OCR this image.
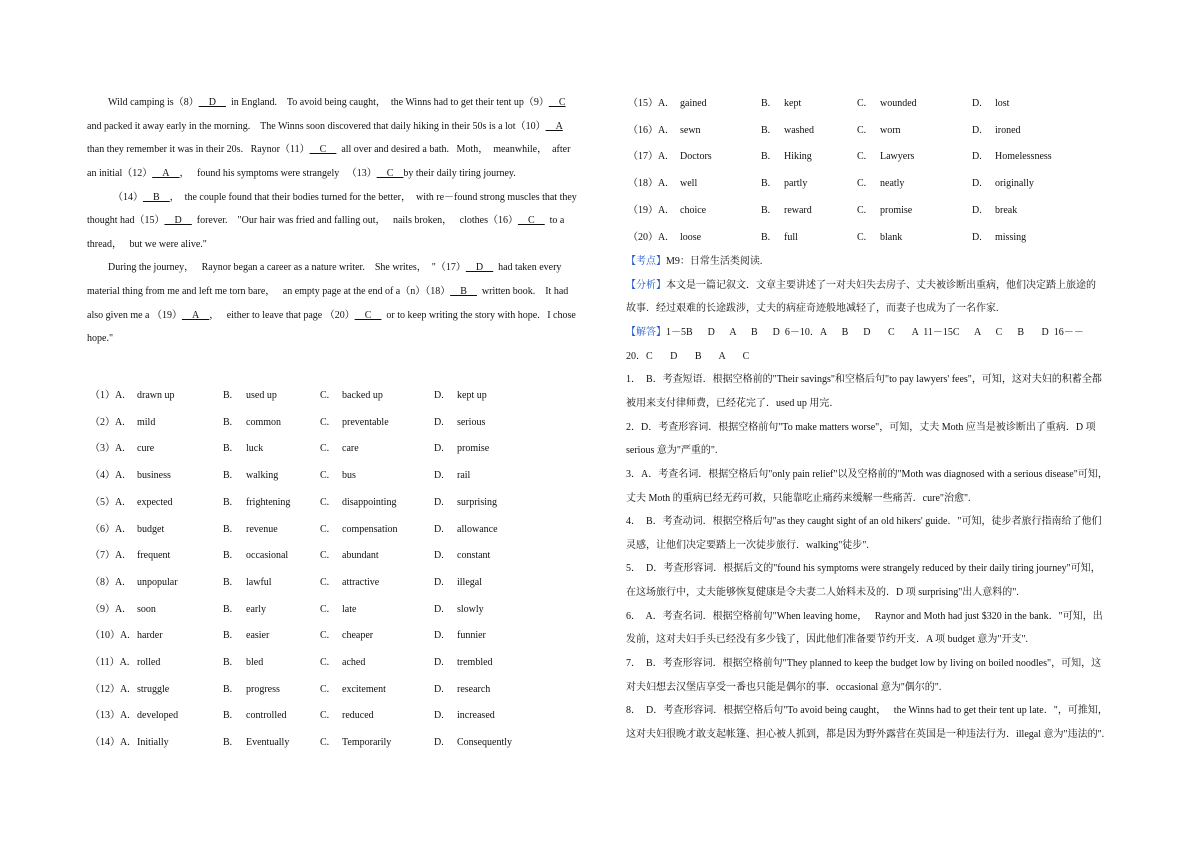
Wild camping is（8）__D__  in England.    To avoid being caught，  the Winns had to get their tent up（9）__C
and packed it away early in the morning.    The Winns soon discovered that daily hiking in their 50s is a lot（10）__A
than they remember it was in their 20s.   Raynor（11）__C__  all over and desired a bath.   Moth，  meanwhile，  after
an initial（12）__A__，   found his symptoms were strangely   （13）__C__by their daily tiring journey.
（14）__B__，  the couple found that their bodies turned for the better，  with re－found strong muscles that they
thought had（15）__D__  forever.    "Our hair was fried and falling out，   nails broken，   clothes（16）__C__  to a
thread，   but we were alive."
During the journey，   Raynor began a career as a nature writer.    She writes，  "（17）__D__  had taken every
material thing from me and left me torn bare，   an empty page at the end of a（n）（18）__B__  written book.    It had
also given me a （19）__A__，   either to leave that page （20）__C__  or to keep writing the story with hope.   I chose
hope."
（1）A. drawn up	B. used up	C. backed up	D. kept up
（2）A. mild	B. common	C. preventable	D. serious
（3）A. cure	B. luck	C. care	D. promise
（4）A. business	B. walking	C. bus	D. rail
（5）A. expected	B. frightening	C. disappointing	D. surprising
（6）A. budget	B. revenue	C. compensation	D. allowance
（7）A. frequent	B. occasional	C. abundant	D. constant
（8）A. unpopular	B. lawful	C. attractive	D. illegal
（9）A. soon	B. early	C. late	D. slowly
（10）A. harder	B. easier	C. cheaper	D. funnier
（11）A. rolled	B. bled	C. ached	D. trembled
（12）A. struggle	B. progress	C. excitement	D. research
（13）A. developed	B. controlled	C. reduced	D. increased
（14）A. Initially	B. Eventually	C. Temporarily	D. Consequently
（15）A. gained	B. kept	C. wounded	D. lost
（16）A. sewn	B. washed	C. worn	D. ironed
（17）A. Doctors	B. Hiking	C. Lawyers	D. Homelessness
（18）A. well	B. partly	C. neatly	D. originally
（19）A. choice	B. reward	C. promise	D. break
（20）A. loose	B. full	C. blank	D. missing
【考点】M9：日常生活类阅读.
【分析】本文是一篇记叙文．文章主要讲述了一对夫妇失去房子、丈夫被诊断出重病，他们决定踏上旅途的
故事．经过艰难的长途跋涉，丈夫的病症奇迹般地减轻了，而妻子也成为了一名作家.
【解答】1－5B      D      A      B      D  6－10．A      B      D       C       A  11－15C      A      C      B       D  16－－
20．C       D       B       A       C
1．  B．考查短语．根据空格前的"Their savings"和空格后句"to pay lawyers' fees"，可知，这对夫妇的积蓄全都
被用来支付律师费，已经花完了．used up 用完．
2．D．考查形容词．根据空格前句"To make matters worse"，可知，丈夫 Moth 应当是被诊断出了重病．D 项
serious 意为"严重的".
3．A．考查名词．根据空格后句"only pain relief"以及空格前的"Moth was diagnosed with a serious disease"可知，
丈夫 Moth 的重病已经无药可救，只能靠吃止痛药来缓解一些痛苦．cure"治愈".
4．  B．考查动词．根据空格后句"as they caught sight of an old hikers' guide．"可知，徒步者旅行指南给了他们
灵感，让他们决定要踏上一次徒步旅行．walking"徒步".
5．  D．考查形容词．根据后文的"found his symptoms were strangely reduced by their daily tiring journey"可知，
在这场旅行中，丈夫能够恢复健康是令夫妻二人始料未及的．D 项 surprising"出人意料的".
6．  A．考查名词．根据空格前句"When leaving home，   Raynor and Moth had just $320 in the bank．"可知，出
发前，这对夫妇手头已经没有多少钱了，因此他们准备要节约开支．A 项 budget 意为"开支".
7．  B．考查形容词．根据空格前句"They planned to keep the budget low by living on boiled noodles"，可知，这
对夫妇想去汉堡店享受一番也只能是偶尔的事．occasional 意为"偶尔的".
8．  D．考查形容词．根据空格后句"To avoid being caught，   the Winns had to get their tent up late．"，可推知，
这对夫妇很晚才敢支起帐篷、担心被人抓到，都是因为野外露营在英国是一种违法行为．illegal 意为"违法的".
